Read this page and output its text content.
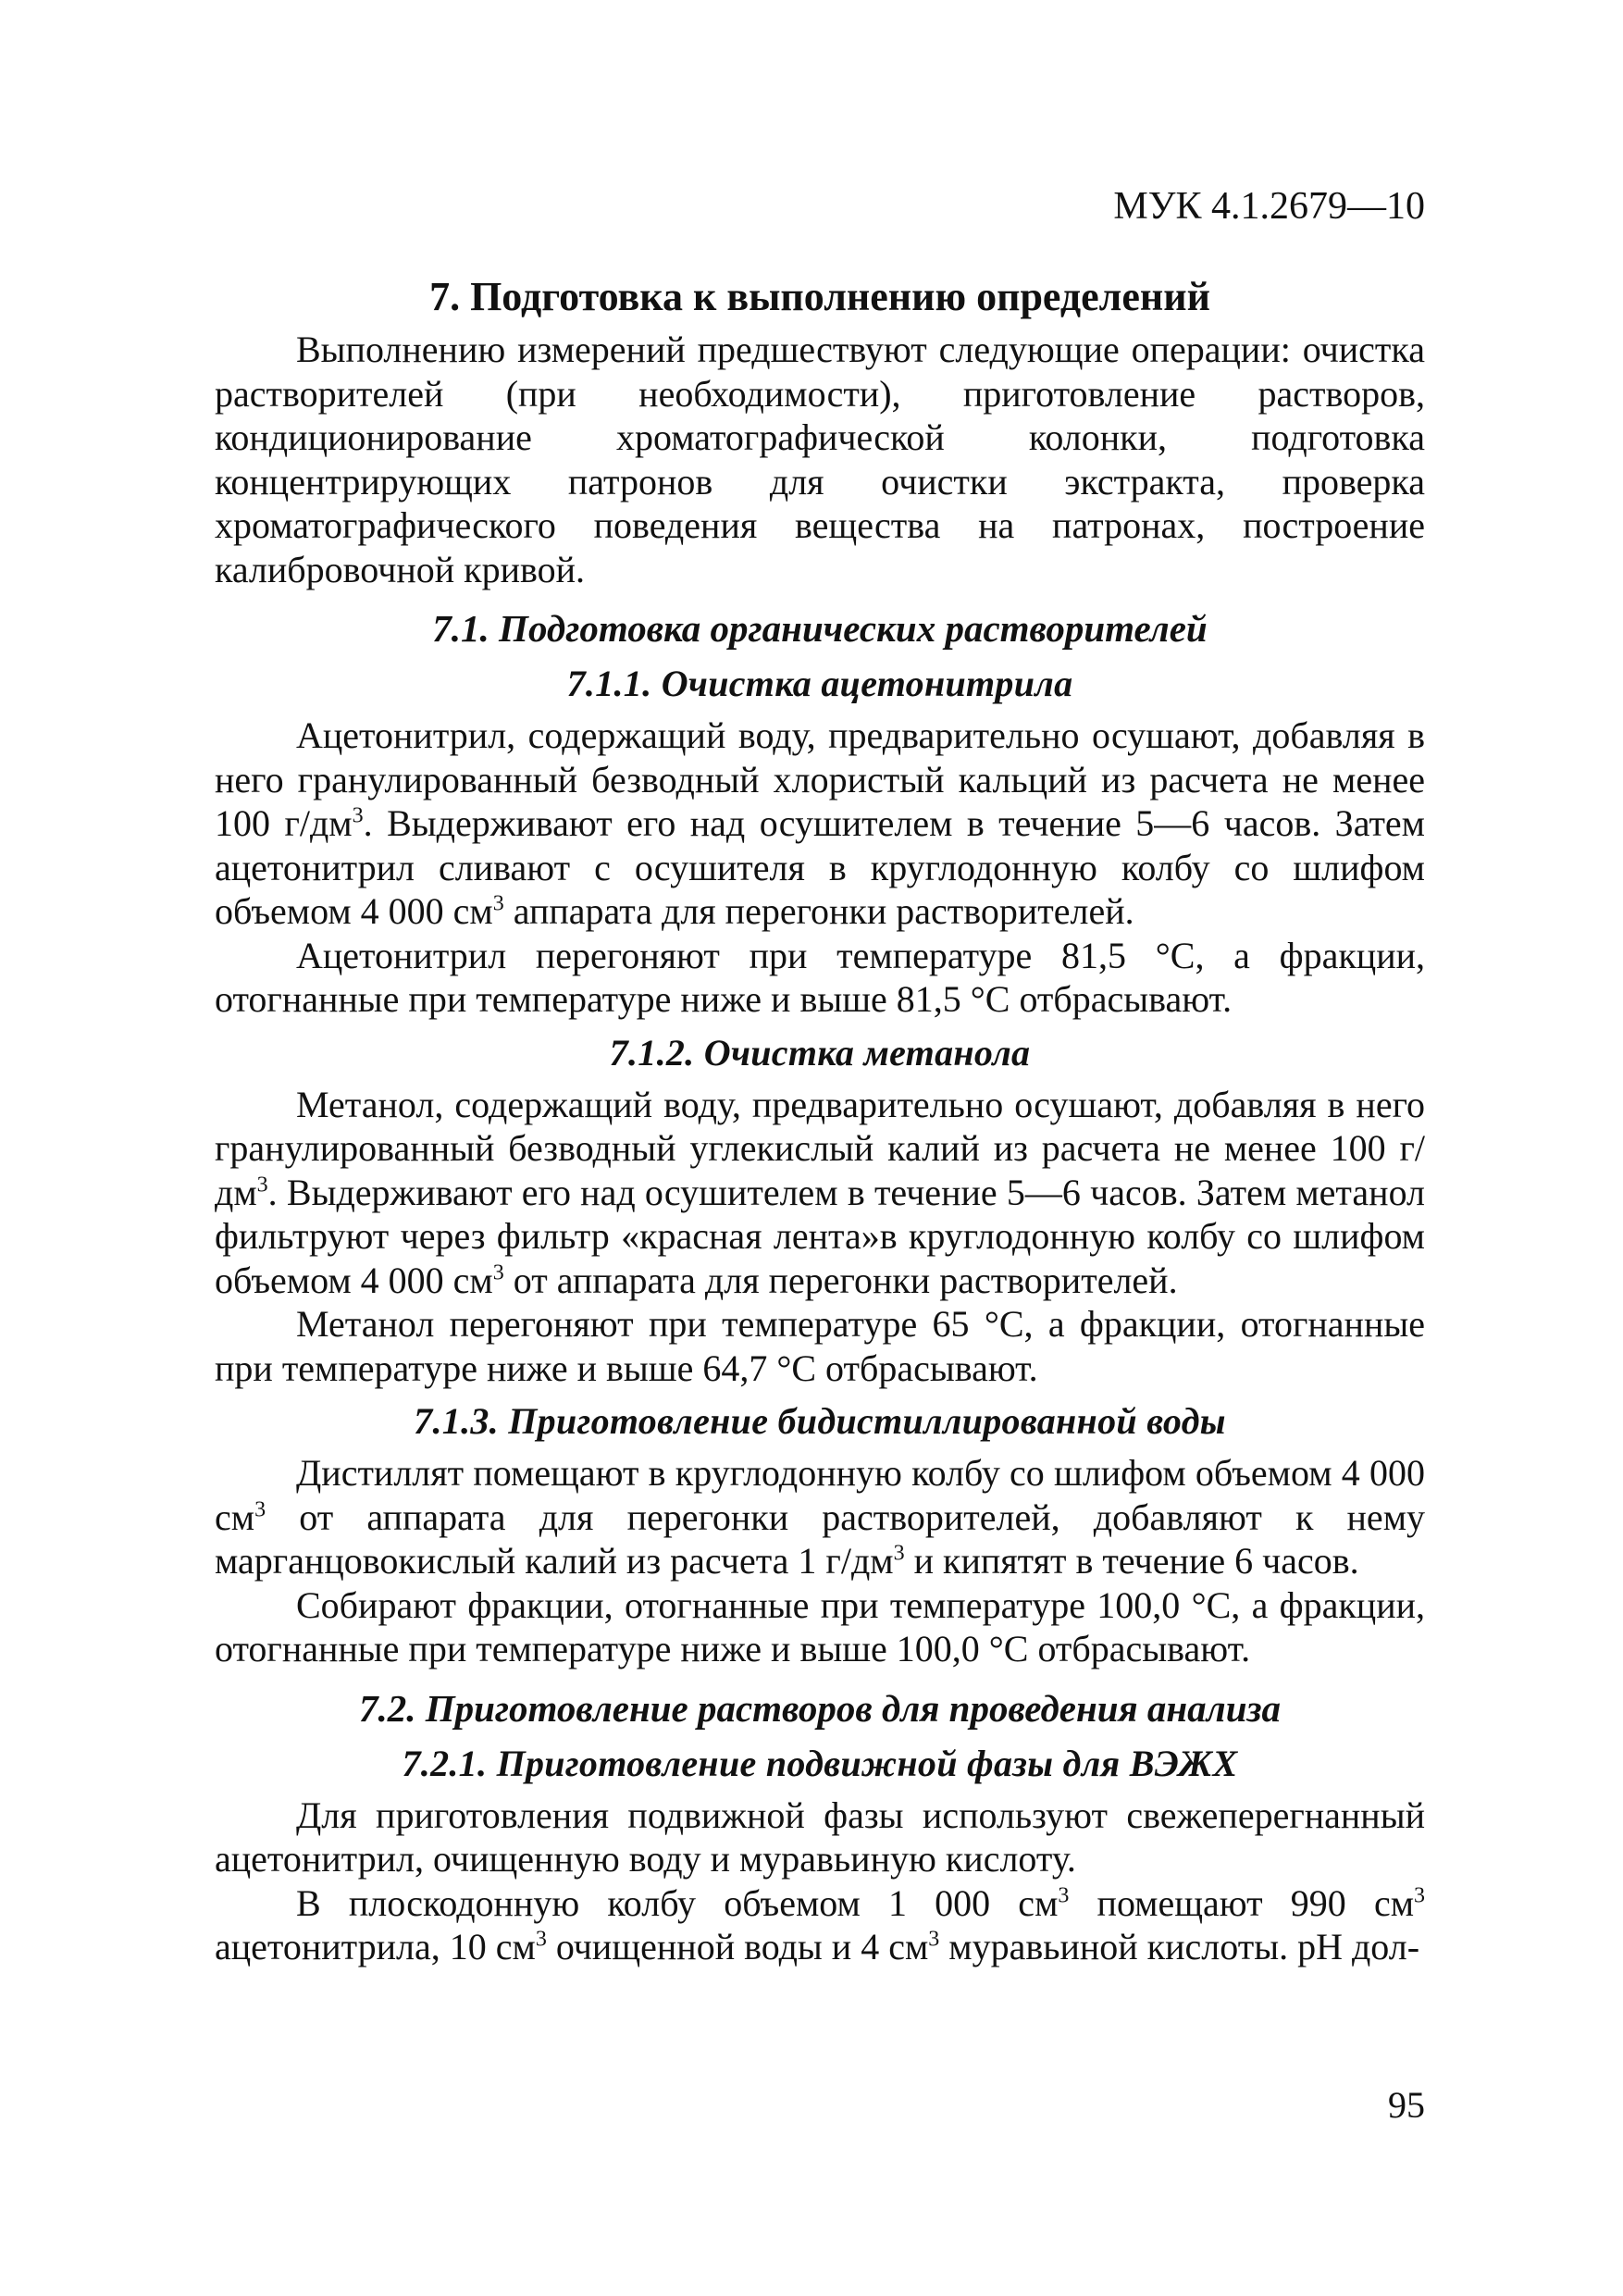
МУК 4.1.2679—10
7. Подготовка к выполнению определений

Выполнению измерений предшествуют следующие операции: очистка растворителей (при необходимости), приготовление растворов, кондиционирование хроматографической колонки, подготовка концентрирующих патронов для очистки экстракта, проверка хроматографического поведения вещества на патронах, построение калибровочной кривой.

7.1. Подготовка органических растворителей
7.1.1. Очистка ацетонитрила

Ацетонитрил, содержащий воду, предварительно осушают, добавляя в него гранулированный безводный хлористый кальций из расчета не менее 100 $г/дм^3$. Выдерживают его над осушителем в течение 5—6 часов. Затем ацетонитрил сливают с осушителя в круглодонную колбу со шлифом объемом 4 000 $см^3$ аппарата для перегонки растворителей.

Ацетонитрил перегоняют при температуре 81,5 °С, а фракции, отогнанные при температуре ниже и выше 81,5 °С отбрасывают.

7.1.2. Очистка метанола

Метанол, содержащий воду, предварительно осушают, добавляя в него гранулированный безводный углекислый калий из расчета не менее 100 $г/дм^3$. Выдерживают его над осушителем в течение 5—6 часов. Затем метанол фильтруют через фильтр «красная лента»в круглодонную колбу со шлифом объемом 4 000 $см^3$ от аппарата для перегонки растворителей.

Метанол перегоняют при температуре 65 °С, а фракции, отогнанные при температуре ниже и выше 64,7 °С отбрасывают.

7.1.3. Приготовление бидистиллированной воды

Дистиллят помещают в круглодонную колбу со шлифом объемом 4 000 $см^3$ от аппарата для перегонки растворителей, добавляют к нему марганцовокислый калий из расчета 1 $г/дм^3$ и кипятят в течение 6 часов.

Собирают фракции, отогнанные при температуре 100,0 °С, а фракции, отогнанные при температуре ниже и выше 100,0 °С отбрасывают.

7.2. Приготовление растворов для проведения анализа
7.2.1. Приготовление подвижной фазы для ВЭЖХ

Для приготовления подвижной фазы используют свежеперегнанный ацетонитрил, очищенную воду и муравьиную кислоту.

В плоскодонную колбу объемом 1 000 $см^3$ помещают 990 $см^3$ ацетонитрила, 10 $см^3$ очищенной воды и 4 $см^3$ муравьиной кислоты. pH дол-

95
